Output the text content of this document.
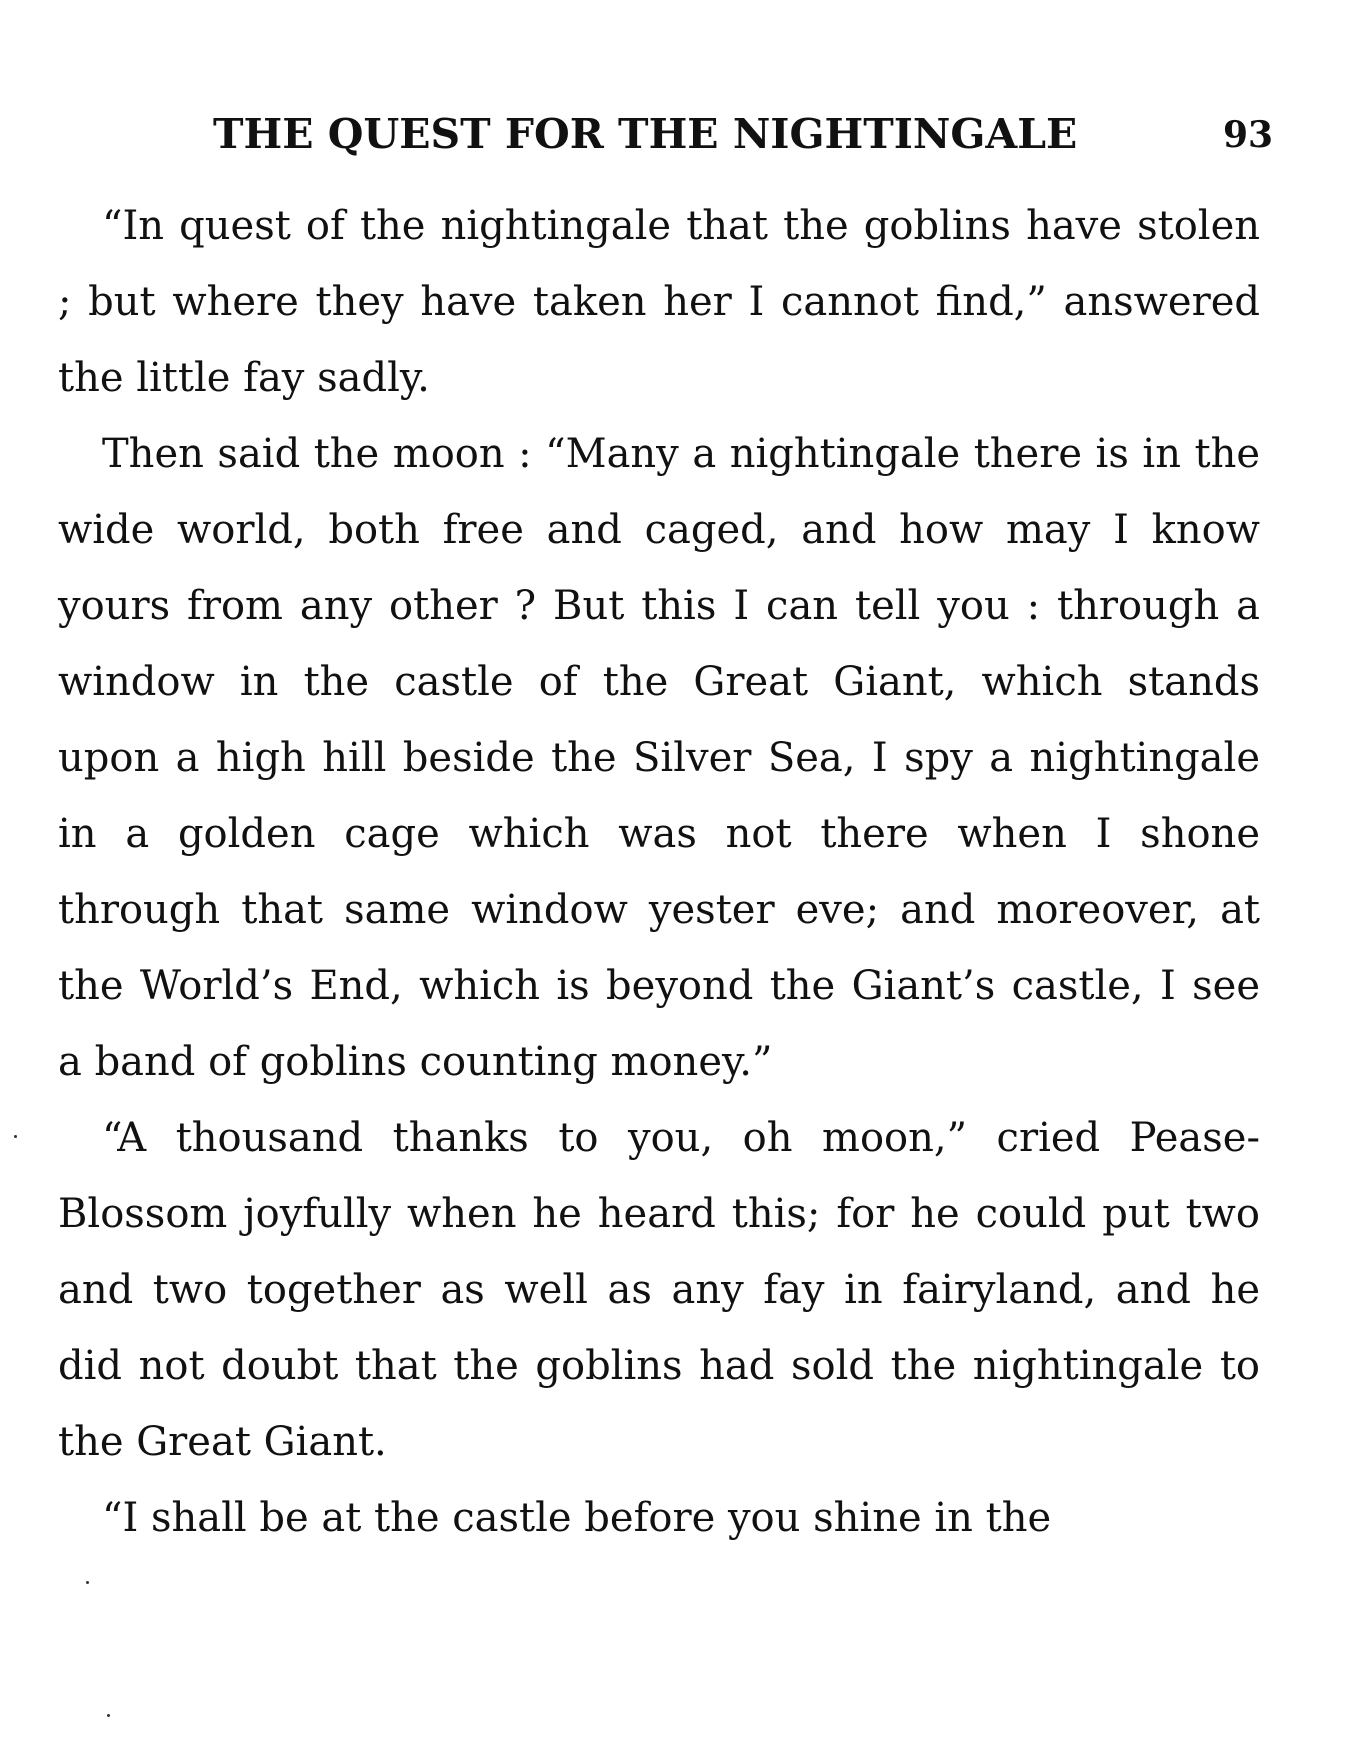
THE QUEST FOR THE NIGHTINGALE	93

“In quest of the nightingale that the goblins have stolen ; but where they have taken her I cannot find,” answered the little fay sadly.

Then said the moon : “Many a nightingale there is in the wide world, both free and caged, and how may I know yours from any other ? But this I can tell you : through a window in the castle of the Great Giant, which stands upon a high hill beside the Silver Sea, I spy a nightingale in a golden cage which was not there when I shone through that same window yester eve; and moreover, at the World’s End, which is beyond the Giant’s castle, I see a band of goblins counting money.”

“A thousand thanks to you, oh moon,” cried Pease-Blossom joyfully when he heard this; for he could put two and two together as well as any fay in fairyland, and he did not doubt that the goblins had sold the nightingale to the Great Giant.

“I shall be at the castle before you shine in the
